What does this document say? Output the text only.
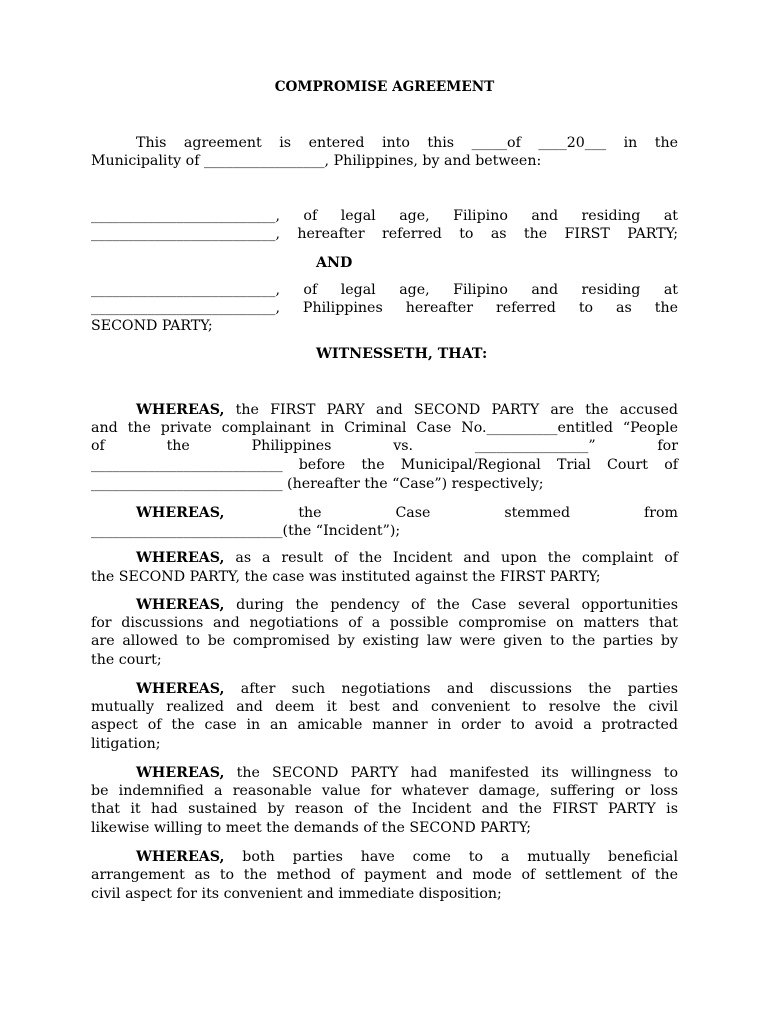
COMPROMISE AGREEMENT
This agreement is entered into this _____of ____20___ in the
Municipality of _________________, Philippines, by and between:
__________________________, of legal age, Filipino and residing at
__________________________, hereafter referred to as the FIRST PARTY;
AND
__________________________, of legal age, Filipino and residing at
__________________________, Philippines hereafter referred to as the
SECOND PARTY;
WITNESSETH, THAT:
WHEREAS, the FIRST PARY and SECOND PARTY are the accused
and the private complainant in Criminal Case No.__________entitled “People
of the Philippines vs. ________________” for
___________________________ before the Municipal/Regional Trial Court of
___________________________ (hereafter the “Case”) respectively;
WHEREAS, the Case stemmed from
___________________________(the “Incident”);
WHEREAS, as a result of the Incident and upon the complaint of
the SECOND PARTY, the case was instituted against the FIRST PARTY;
WHEREAS, during the pendency of the Case several opportunities
for discussions and negotiations of a possible compromise on matters that
are allowed to be compromised by existing law were given to the parties by
the court;
WHEREAS, after such negotiations and discussions the parties
mutually realized and deem it best and convenient to resolve the civil
aspect of the case in an amicable manner in order to avoid a protracted
litigation;
WHEREAS, the SECOND PARTY had manifested its willingness to
be indemnified a reasonable value for whatever damage, suffering or loss
that it had sustained by reason of the Incident and the FIRST PARTY is
likewise willing to meet the demands of the SECOND PARTY;
WHEREAS, both parties have come to a mutually beneficial
arrangement as to the method of payment and mode of settlement of the
civil aspect for its convenient and immediate disposition;
